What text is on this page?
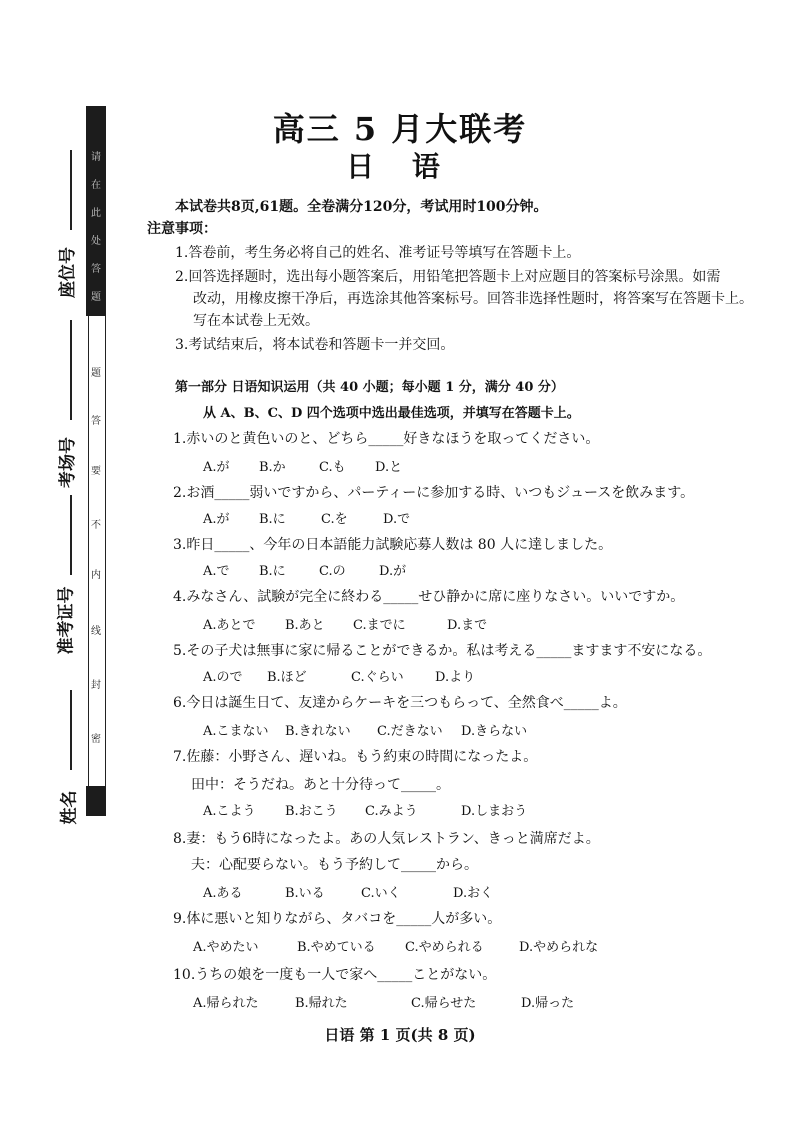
座位号
考场号
准考证号
姓名
请
在
此
处
答
题
题
答
要
不
内
线
封
密
高三 5 月大联考
日 语
本试卷共8页,61题。全卷满分120分，考试用时100分钟。
注意事项：
1.答卷前，考生务必将自己的姓名、准考证号等填写在答题卡上。
2.回答选择题时，选出每小题答案后，用铅笔把答题卡上对应题目的答案标号涂黑。如需
改动，用橡皮擦干净后，再选涂其他答案标号。回答非选择性题时，将答案写在答题卡上。
写在本试卷上无效。
3.考试结束后，将本试卷和答题卡一并交回。
第一部分 日语知识运用（共 40 小题；每小题 1 分，满分 40 分）
从 A、B、C、D 四个选项中选出最佳选项，并填写在答题卡上。
1.赤いのと黄色いのと、どちら_____好きなほうを取ってください。
A.が B.か	C.も D.と
2.お酒_____弱いですから、パーティーに参加する時、いつもジュースを飲みます。
A.が B.に	C.を	D.で
3.昨日_____、今年の日本語能力試験応募人数は 80 人に達しました。
A.で B.に	C.の	D.が
4.みなさん、試験が完全に終わる_____せひ静かに席に座りなさい。いいですか。
A.あとで B.あと C.までに	D.まで
5.その子犬は無事に家に帰ることができるか。私は考える_____ますます不安になる。
A.ので B.ほど	C.ぐらい D.より
6.今日は誕生日て、友達からケーキを三つもらって、全然食べ_____よ。
A.こまない B.きれない C.だきない D.きらない
7.佐藤：小野さん、遅いね。もう約束の時間になったよ。
田中：そうだね。あと十分待って_____。
A.こよう B.おこう C.みよう	D.しまおう
8.妻：もう6時になったよ。あの人気レストラン、きっと満席だよ。
夫：心配要らない。もう予約して_____から。
A.ある	B.いる	C.いく	D.おく
9.体に悪いと知りながら、タバコを_____人が多い。
A.やめたい	B.やめている C.やめられる	D.やめられな
10.うちの娘を一度も一人で家へ_____ことがない。
A.帰られた	B.帰れた	C.帰らせた	D.帰った
日语 第 1 页(共 8 页)
